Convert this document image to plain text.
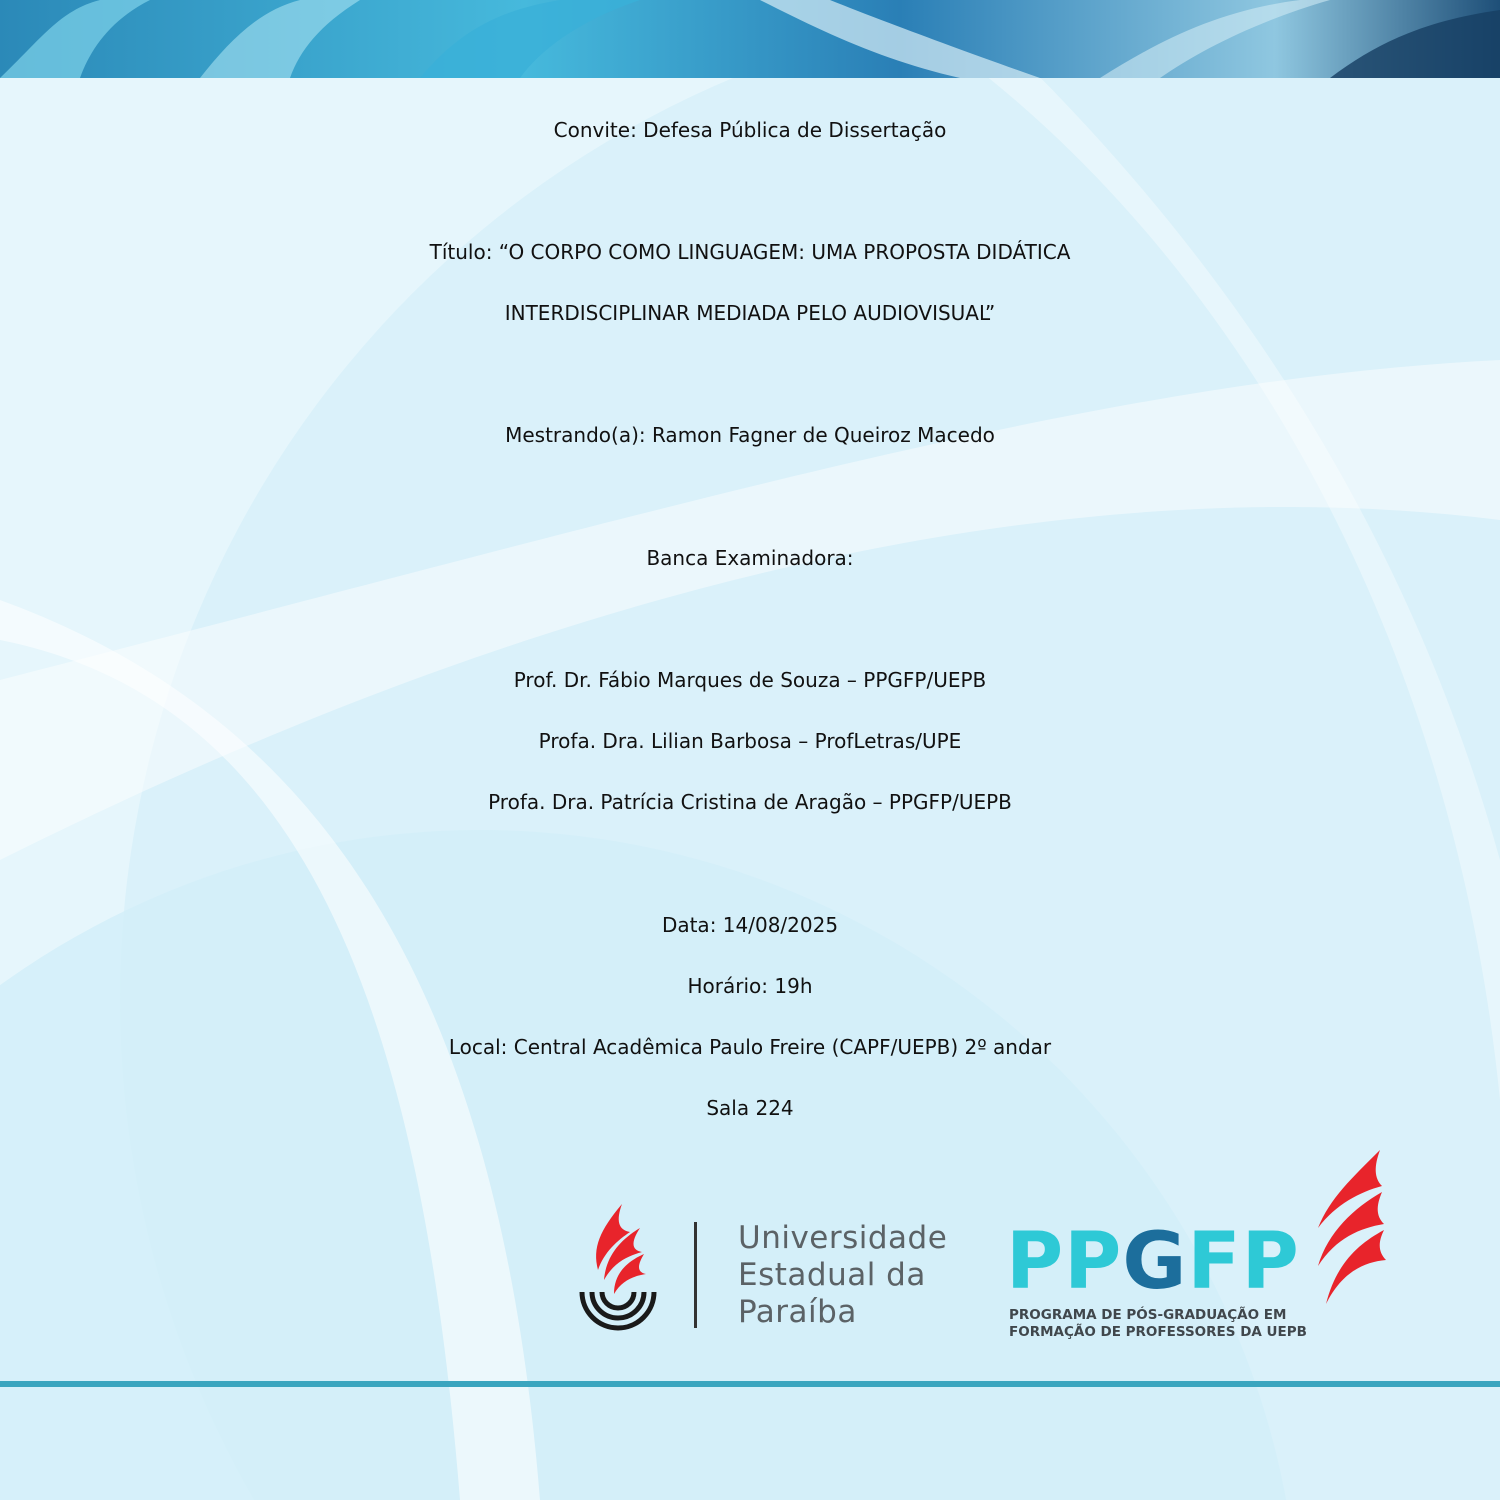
Convite: Defesa Pública de Dissertação
Título: “O CORPO COMO LINGUAGEM: UMA PROPOSTA DIDÁTICA
INTERDISCIPLINAR MEDIADA PELO AUDIOVISUAL”
Mestrando(a): Ramon Fagner de Queiroz Macedo
Banca Examinadora:
Prof. Dr. Fábio Marques de Souza – PPGFP/UEPB
Profa. Dra. Lilian Barbosa – ProfLetras/UPE
Profa. Dra. Patrícia Cristina de Aragão – PPGFP/UEPB
Data: 14/08/2025
Horário: 19h
Local: Central Acadêmica Paulo Freire (CAPF/UEPB) 2º andar
Sala 224
Universidade
Estadual da
Paraíba
PPGFP
PROGRAMA DE PÓS-GRADUAÇÃO EM
FORMAÇÃO DE PROFESSORES DA UEPB
